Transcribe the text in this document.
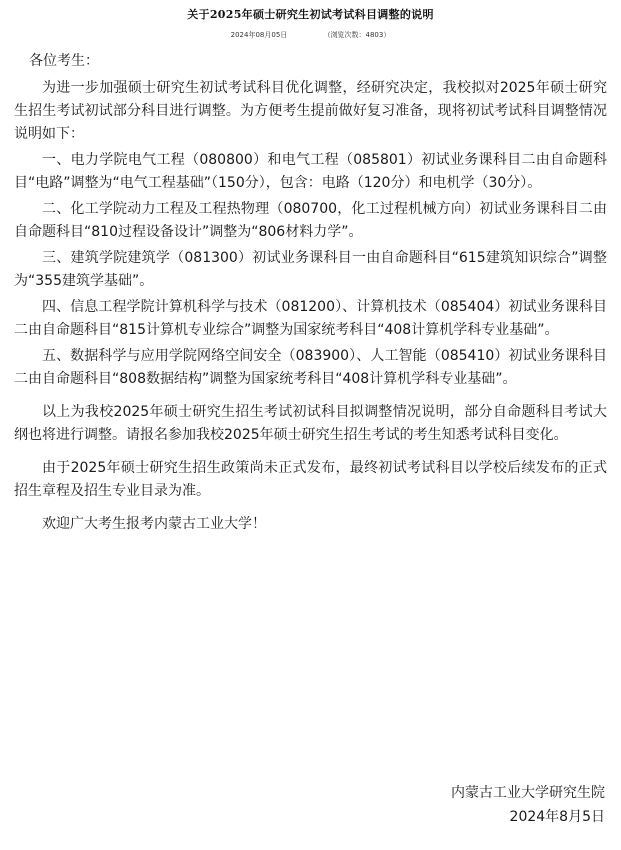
关于2025年硕士研究生初试考试科目调整的说明
2024年08月05日	（浏览次数：4803）

各位考生：

为进一步加强硕士研究生初试考试科目优化调整，经研究决定，我校拟对2025年硕士研究生招生考试初试部分科目进行调整。为方便考生提前做好复习准备，现将初试考试科目调整情况说明如下：

一、电力学院电气工程（080800）和电气工程（085801）初试业务课科目二由自命题科目“电路”调整为“电气工程基础”（150分），包含：电路（120分）和电机学（30分）。

二、化工学院动力工程及工程热物理（080700，化工过程机械方向）初试业务课科目二由自命题科目“810过程设备设计”调整为“806材料力学”。

三、建筑学院建筑学（081300）初试业务课科目一由自命题科目“615建筑知识综合”调整为“355建筑学基础”。

四、信息工程学院计算机科学与技术（081200）、计算机技术（085404）初试业务课科目二由自命题科目“815计算机专业综合”调整为国家统考科目“408计算机学科专业基础”。

五、数据科学与应用学院网络空间安全（083900）、人工智能（085410）初试业务课科目二由自命题科目“808数据结构”调整为国家统考科目“408计算机学科专业基础”。

以上为我校2025年硕士研究生招生考试初试科目拟调整情况说明，部分自命题科目考试大纲也将进行调整。请报名参加我校2025年硕士研究生招生考试的考生知悉考试科目变化。

由于2025年硕士研究生招生政策尚未正式发布，最终初试考试科目以学校后续发布的正式招生章程及招生专业目录为准。

欢迎广大考生报考内蒙古工业大学！

内蒙古工业大学研究生院
2024年8月5日
